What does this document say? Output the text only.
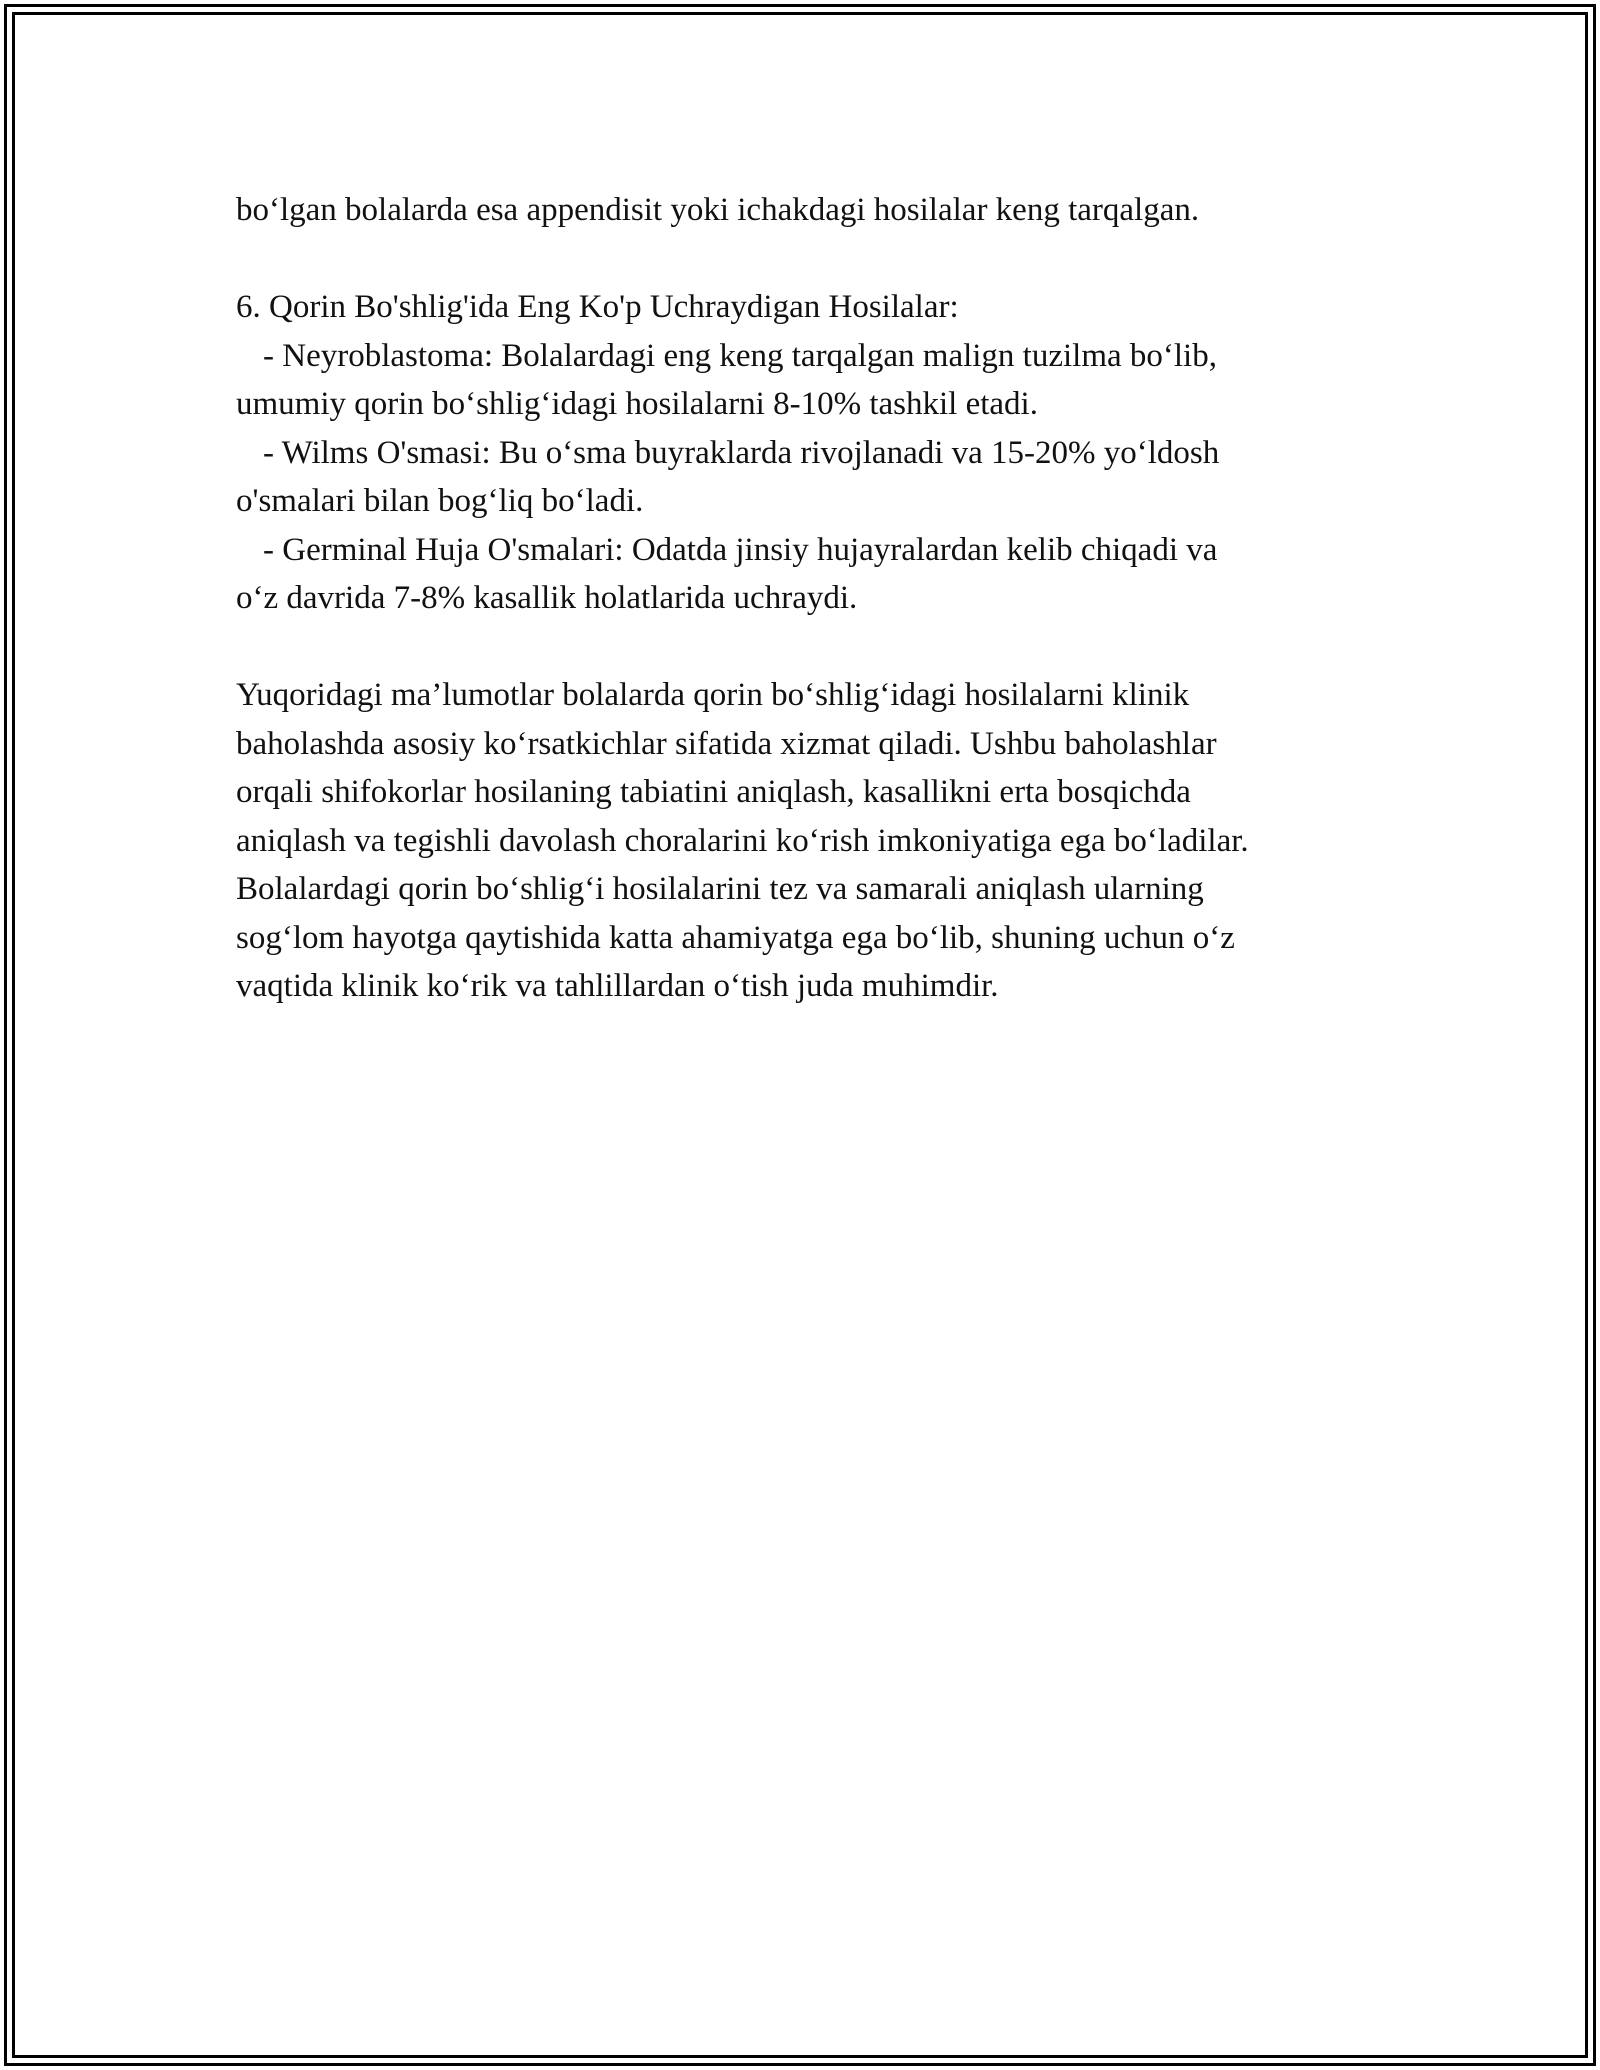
bo‘lgan bolalarda esa appendisit yoki ichakdagi hosilalar keng tarqalgan.
6. Qorin Bo'shlig'ida Eng Ko'p Uchraydigan Hosilalar:
- Neyroblastoma: Bolalardagi eng keng tarqalgan malign tuzilma bo‘lib,
umumiy qorin bo‘shlig‘idagi hosilalarni 8-10% tashkil etadi.
- Wilms O'smasi: Bu o‘sma buyraklarda rivojlanadi va 15-20% yo‘ldosh
o'smalari bilan bog‘liq bo‘ladi.
- Germinal Huja O'smalari: Odatda jinsiy hujayralardan kelib chiqadi va
o‘z davrida 7-8% kasallik holatlarida uchraydi.
Yuqoridagi ma’lumotlar bolalarda qorin bo‘shlig‘idagi hosilalarni klinik
baholashda asosiy ko‘rsatkichlar sifatida xizmat qiladi. Ushbu baholashlar
orqali shifokorlar hosilaning tabiatini aniqlash, kasallikni erta bosqichda
aniqlash va tegishli davolash choralarini ko‘rish imkoniyatiga ega bo‘ladilar.
Bolalardagi qorin bo‘shlig‘i hosilalarini tez va samarali aniqlash ularning
sog‘lom hayotga qaytishida katta ahamiyatga ega bo‘lib, shuning uchun o‘z
vaqtida klinik ko‘rik va tahlillardan o‘tish juda muhimdir.
